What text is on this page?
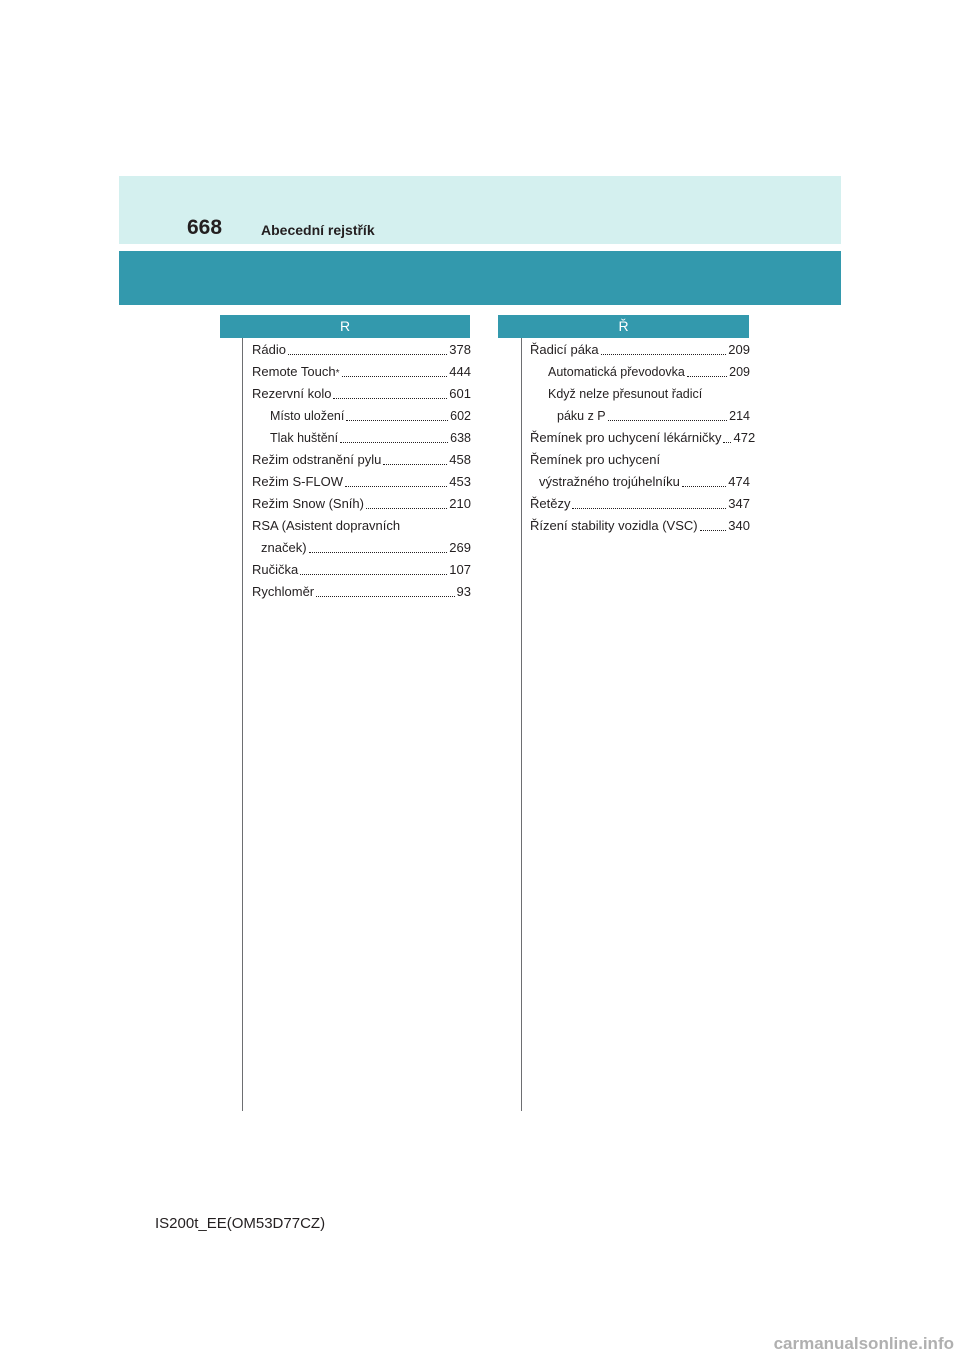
668	Abecední rejstřík
R	Ř
Rádio	378
Remote Touch *	444
Rezervní kolo	601
Místo uložení	602
Tlak huštění	638
Režim odstranění pylu	458
Režim S-FLOW	453
Režim Snow (Sníh)	210
RSA (Asistent dopravních
značek)	269
Ručička	107
Rychloměr	93
Řadicí páka	209
Automatická převodovka	209
Když nelze přesunout řadicí
páku z P	214
Řemínek pro uchycení lékárničky 472
Řemínek pro uchycení
výstražného trojúhelníku	474
Řetězy	347
Řízení stability vozidla (VSC) 340
IS200t_EE(OM53D77CZ)
carmanualsonline.info
